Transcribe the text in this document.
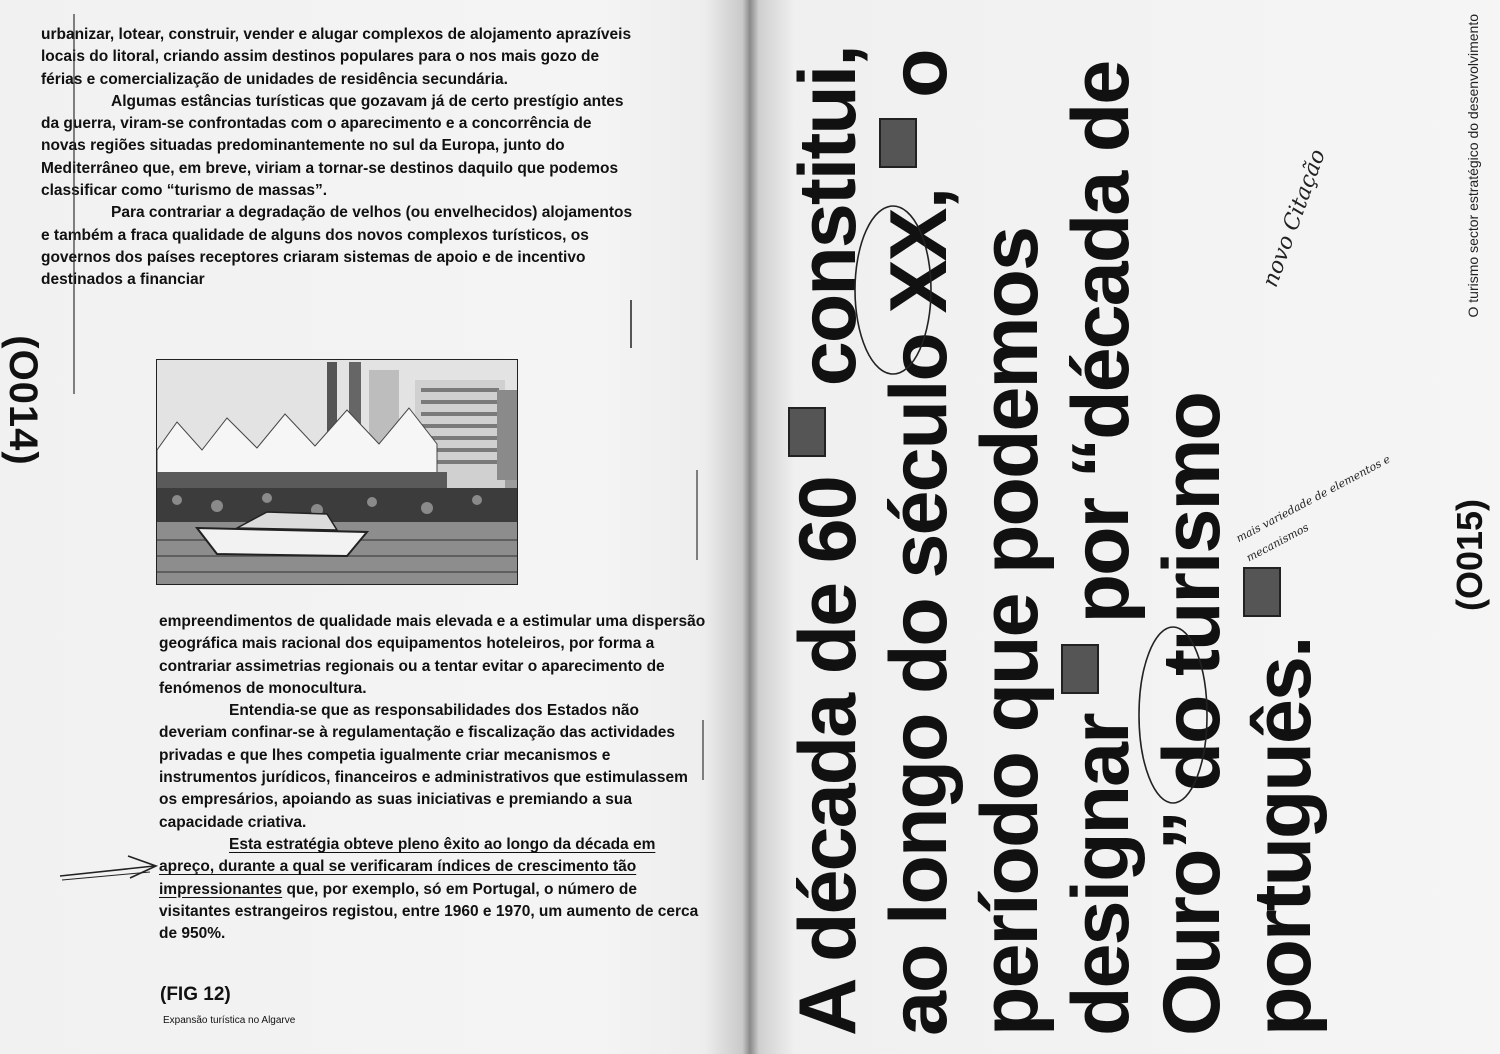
(O014)

urbanizar, lotear, construir, vender e alugar complexos de alojamento aprazíveis locais do litoral, criando assim destinos populares para o nos mais gozo de férias e comercialização de unidades de residência secundária.
Algumas estâncias turísticas que gozavam já de certo prestígio antes da guerra, viram-se confrontadas com o aparecimento e a concorrência de novas regiões situadas predominantemente no sul da Europa, junto do Mediterrâneo que, em breve, viriam a tornar-se destinos daquilo que podemos classificar como “turismo de massas”.
Para contrariar a degradação de velhos (ou envelhecidos) alojamentos e também a fraca qualidade de alguns dos novos complexos turísticos, os governos dos países receptores criaram sistemas de apoio e de incentivo destinados a financiar

empreendimentos de qualidade mais elevada e a estimular uma dispersão geográfica mais racional dos equipamentos hoteleiros, por forma a contrariar assimetrias regionais ou a tentar evitar o aparecimento de fenómenos de monocultura.
Entendia-se que as responsabilidades dos Estados não deveriam confinar-se à regulamentação e fiscalização das actividades privadas e que lhes competia igualmente criar mecanismos e instrumentos jurídicos, financeiros e administrativos que estimulassem os empresários, apoiando as suas iniciativas e premiando a sua capacidade criativa.
Esta estratégia obteve pleno êxito ao longo da década em apreço, durante a qual se verificaram índices de crescimento tão impressionantes que, por exemplo, só em Portugal, o número de visitantes estrangeiros registou, entre 1960 e 1970, um aumento de cerca de 950%.

(FIG 12)

Expansão turística no Algarve	A década de 60  constitui, ao longo do século XX,  o período que podemos designar  por “década de Ouro” do turismo português.

O turismo sector estratégico do desenvolvimento
(O015)
novo Citação
mais variedade de elementos e mecanismos
